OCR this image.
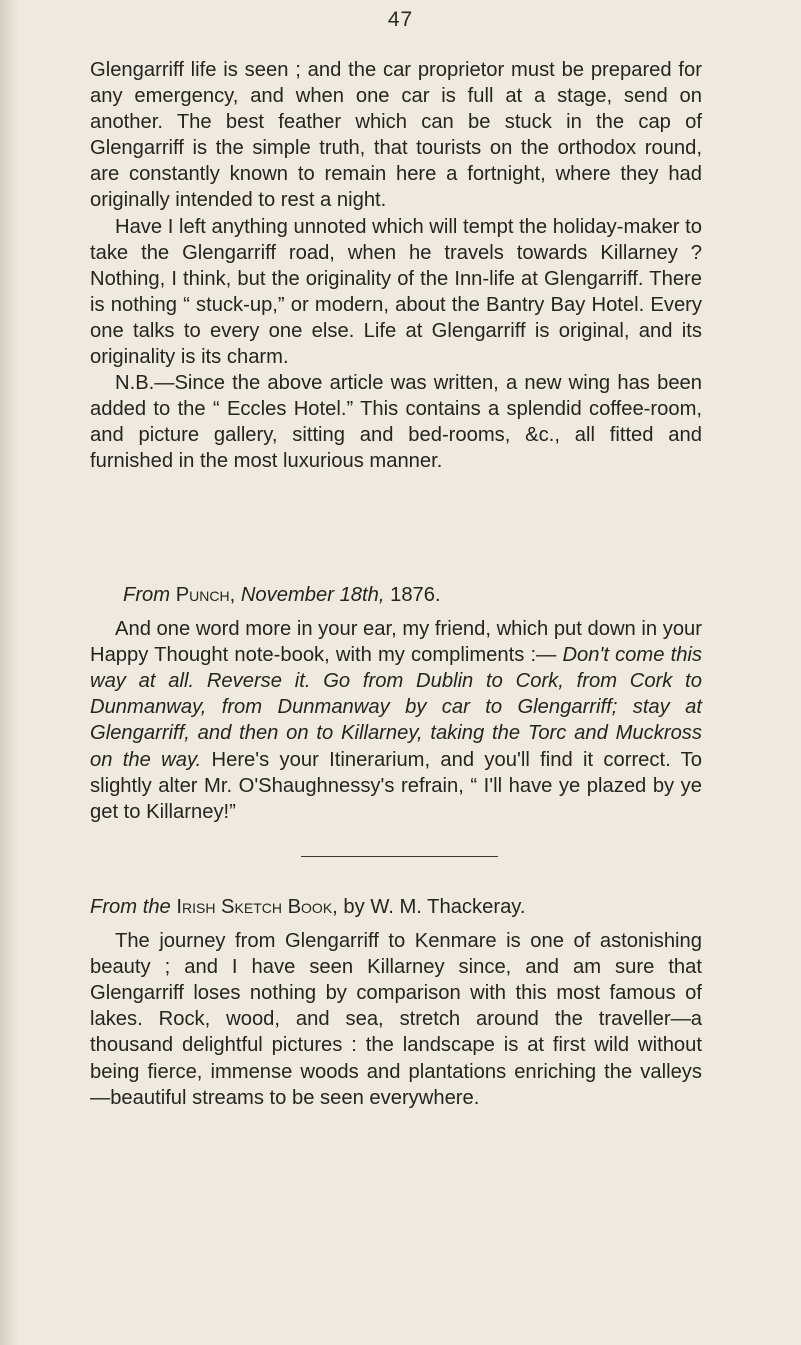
47

Glengarriff life is seen ; and the car proprietor must be prepared for any emergency, and when one car is full at a stage, send on another. The best feather which can be stuck in the cap of Glengarriff is the simple truth, that tourists on the orthodox round, are constantly known to remain here a fortnight, where they had originally intended to rest a night.

Have I left anything unnoted which will tempt the holiday-maker to take the Glengarriff road, when he travels towards Killarney ? Nothing, I think, but the originality of the Inn-life at Glengarriff. There is nothing “ stuck-up,” or modern, about the Bantry Bay Hotel. Every one talks to every one else. Life at Glengarriff is original, and its originality is its charm.

N.B.—Since the above article was written, a new wing has been added to the “ Eccles Hotel.” This contains a splendid coffee-room, and picture gallery, sitting and bed-rooms, &c., all fitted and furnished in the most luxurious manner.

From Punch, November 18th, 1876.

And one word more in your ear, my friend, which put down in your Happy Thought note-book, with my compliments :— Don't come this way at all. Reverse it. Go from Dublin to Cork, from Cork to Dunmanway, from Dunmanway by car to Glengarriff; stay at Glengarriff, and then on to Killarney, taking the Torc and Muckross on the way. Here's your Itinerarium, and you'll find it correct. To slightly alter Mr. O'Shaughnessy's refrain, “ I'll have ye plazed by ye get to Killarney!”

From the Irish Sketch Book, by W. M. Thackeray.

The journey from Glengarriff to Kenmare is one of astonishing beauty ; and I have seen Killarney since, and am sure that Glengarriff loses nothing by comparison with this most famous of lakes. Rock, wood, and sea, stretch around the traveller—a thousand delightful pictures : the landscape is at first wild without being fierce, immense woods and plantations enriching the valleys—beautiful streams to be seen everywhere.
